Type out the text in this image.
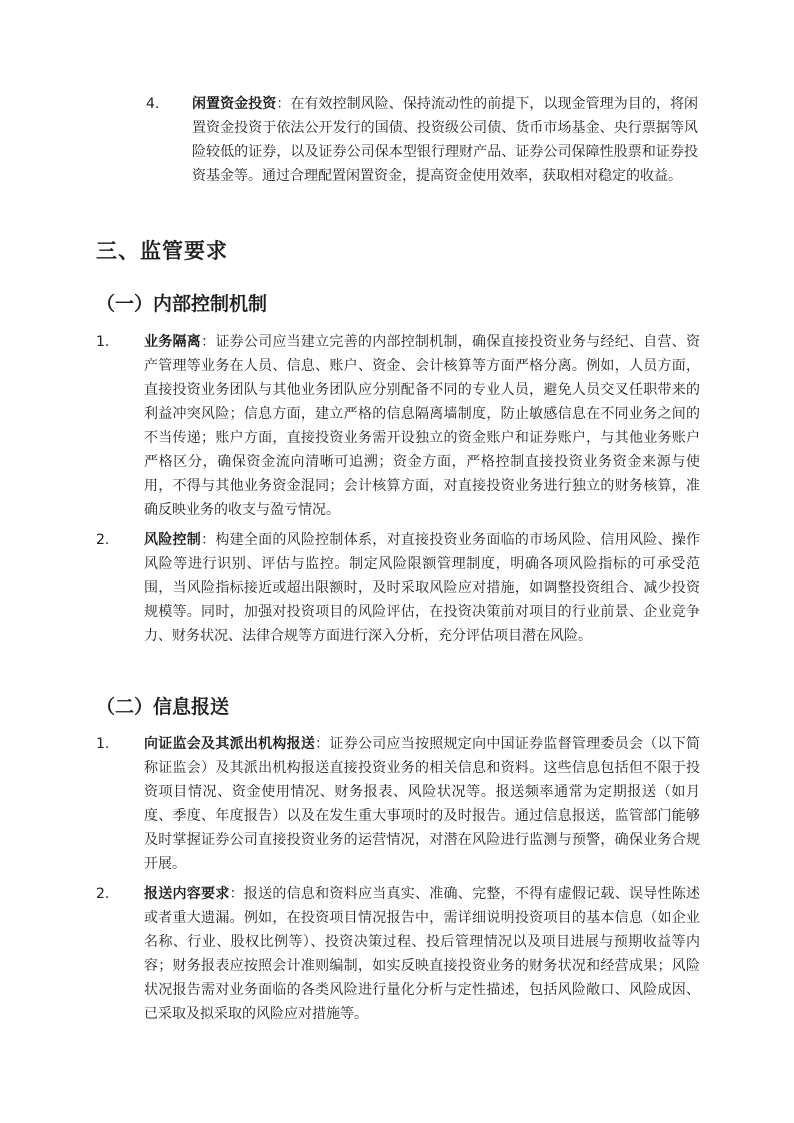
4. 闲置资金投资：在有效控制风险、保持流动性的前提下，以现金管理为目的，将闲置资金投资于依法公开发行的国债、投资级公司债、货币市场基金、央行票据等风险较低的证券，以及证券公司保本型银行理财产品、证券公司保障性股票和证券投资基金等。通过合理配置闲置资金，提高资金使用效率，获取相对稳定的收益。
三、监管要求
（一）内部控制机制
1. 业务隔离：证券公司应当建立完善的内部控制机制，确保直接投资业务与经纪、自营、资产管理等业务在人员、信息、账户、资金、会计核算等方面严格分离。例如，人员方面，直接投资业务团队与其他业务团队应分别配备不同的专业人员，避免人员交叉任职带来的利益冲突风险；信息方面，建立严格的信息隔离墙制度，防止敏感信息在不同业务之间的不当传递；账户方面，直接投资业务需开设独立的资金账户和证券账户，与其他业务账户严格区分，确保资金流向清晰可追溯；资金方面，严格控制直接投资业务资金来源与使用，不得与其他业务资金混同；会计核算方面，对直接投资业务进行独立的财务核算，准确反映业务的收支与盈亏情况。
2. 风险控制：构建全面的风险控制体系，对直接投资业务面临的市场风险、信用风险、操作风险等进行识别、评估与监控。制定风险限额管理制度，明确各项风险指标的可承受范围，当风险指标接近或超出限额时，及时采取风险应对措施，如调整投资组合、减少投资规模等。同时，加强对投资项目的风险评估，在投资决策前对项目的行业前景、企业竞争力、财务状况、法律合规等方面进行深入分析，充分评估项目潜在风险。
（二）信息报送
1. 向证监会及其派出机构报送：证券公司应当按照规定向中国证券监督管理委员会（以下简称证监会）及其派出机构报送直接投资业务的相关信息和资料。这些信息包括但不限于投资项目情况、资金使用情况、财务报表、风险状况等。报送频率通常为定期报送（如月度、季度、年度报告）以及在发生重大事项时的及时报告。通过信息报送，监管部门能够及时掌握证券公司直接投资业务的运营情况，对潜在风险进行监测与预警，确保业务合规开展。
2. 报送内容要求：报送的信息和资料应当真实、准确、完整，不得有虚假记载、误导性陈述或者重大遗漏。例如，在投资项目情况报告中，需详细说明投资项目的基本信息（如企业名称、行业、股权比例等）、投资决策过程、投后管理情况以及项目进展与预期收益等内容；财务报表应按照会计准则编制，如实反映直接投资业务的财务状况和经营成果；风险状况报告需对业务面临的各类风险进行量化分析与定性描述，包括风险敞口、风险成因、已采取及拟采取的风险应对措施等。
